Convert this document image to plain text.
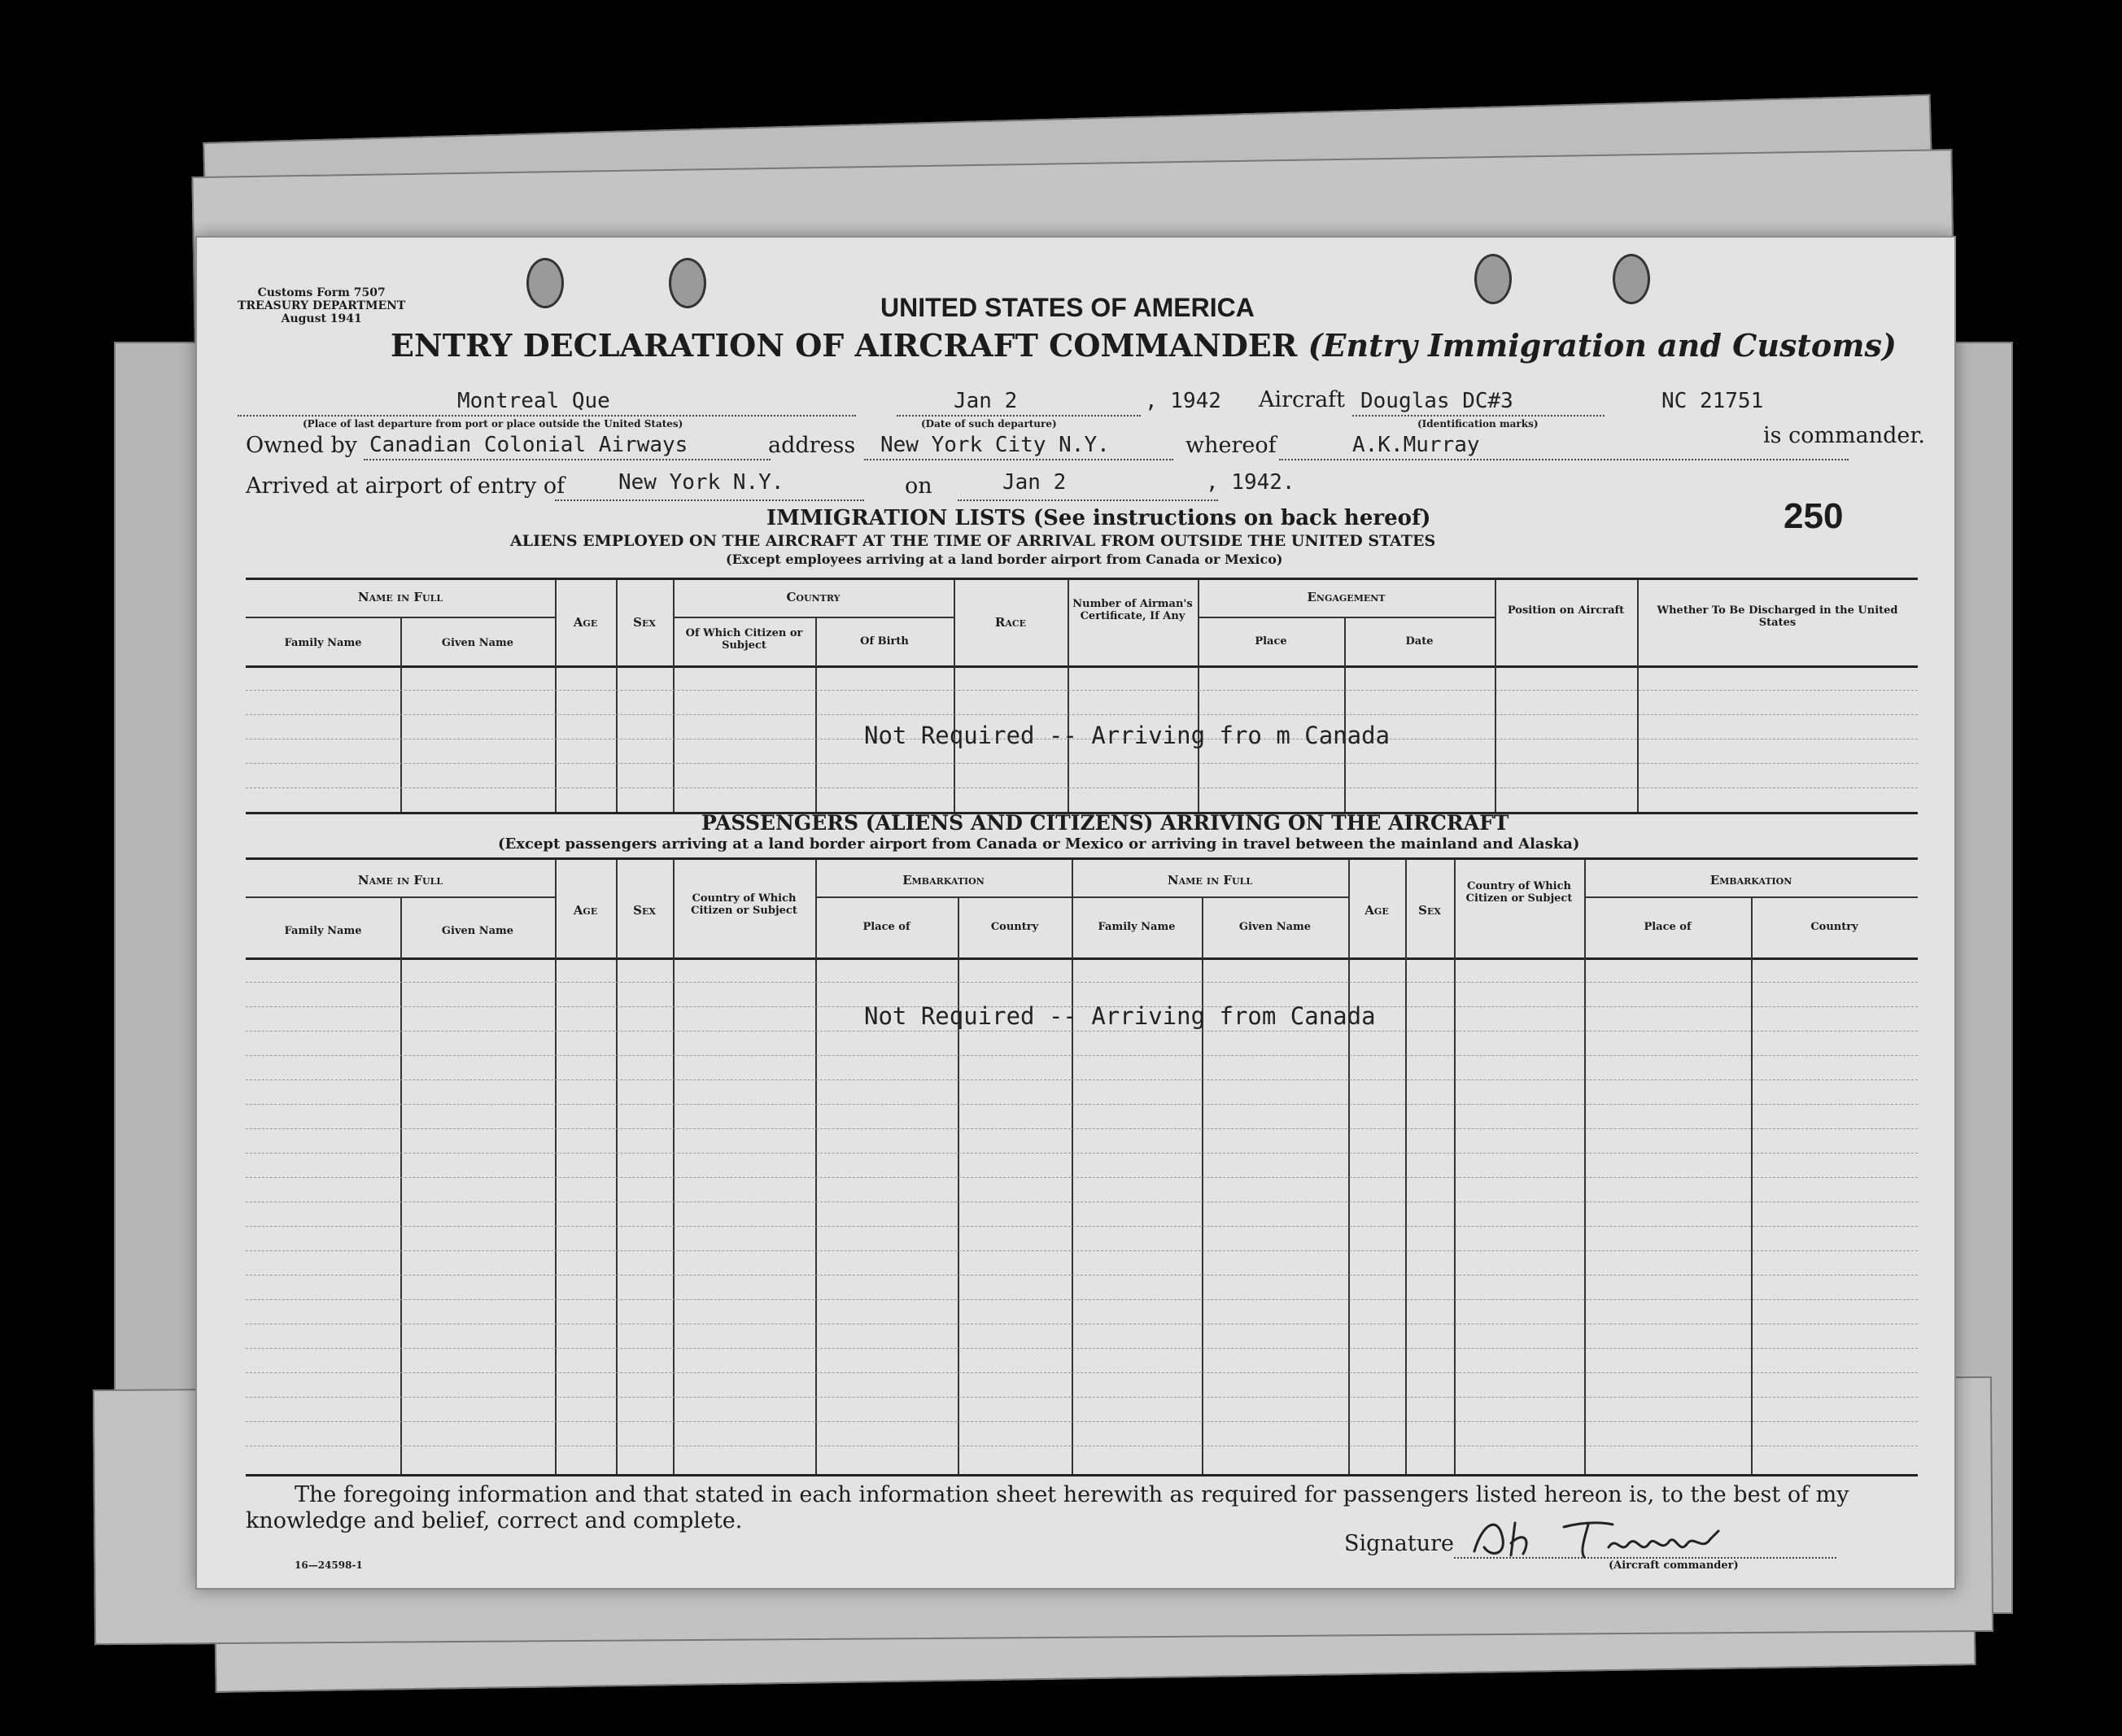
Customs Form 7507
TREASURY DEPARTMENT
August 1941	UNITED STATES OF AMERICA
ENTRY DECLARATION OF AIRCRAFT COMMANDER (Entry Immigration and Customs)
Montreal Que
(Place of last departure from port or place outside the United States)
Jan 2
(Date of such departure)
, 1942 Aircraft Douglas DC#3
(Identification marks)
NC 21751
Owned by Canadian Colonial Airways	address New York City N.Y.	whereof	A.K.Murray	is commander.
Arrived at airport of entry of	New York N.Y.	on	Jan 2	, 1942.
250
IMMIGRATION LISTS (See instructions on back hereof)
ALIENS EMPLOYED ON THE AIRCRAFT AT THE TIME OF ARRIVAL FROM OUTSIDE THE UNITED STATES
(Except employees arriving at a land border airport from Canada or Mexico)
Name in Full
Family Name	Given Name
Age	Sex
Country
Of Which Citizen or Subject	Of Birth
Race
Number of Airman's Certificate, If Any
Engagement
Place	Date
Position on Aircraft	Whether To Be Discharged in the United States
Not Required -- Arriving fro m Canada
PASSENGERS (ALIENS AND CITIZENS) ARRIVING ON THE AIRCRAFT
(Except passengers arriving at a land border airport from Canada or Mexico or arriving in travel between the mainland and Alaska)
Name in Full
Family Name	Given Name
Age	Sex
Country of Which Citizen or Subject
Embarkation
Place of	Country
Name in Full
Family Name	Given Name
Age	Sex
Country of Which Citizen or Subject
Embarkation
Place of	Country
Not Required -- Arriving from Canada
The foregoing information and that stated in each information sheet herewith as required for passengers listed hereon is, to the best of my knowledge and belief, correct and complete.
Signature
(Aircraft commander)
16—24598-1
